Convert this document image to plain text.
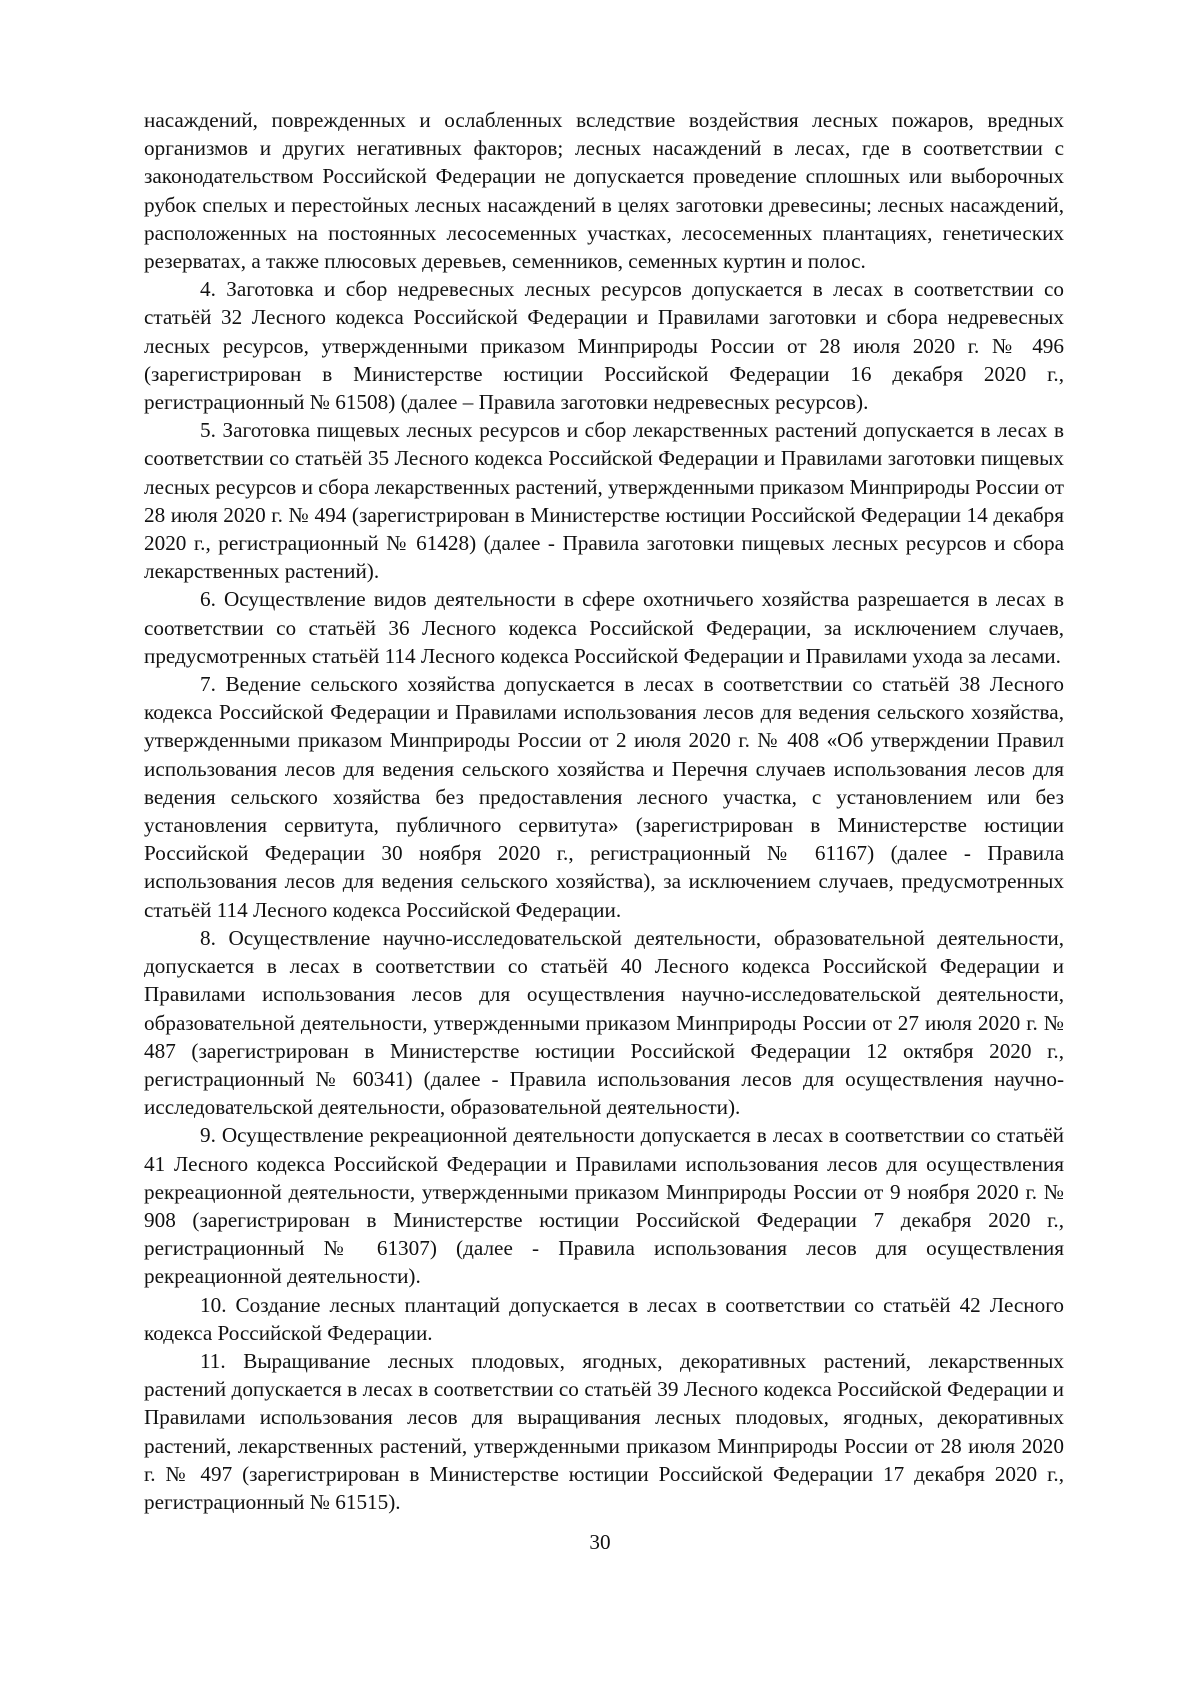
насаждений, поврежденных и ослабленных вследствие воздействия лесных пожаров, вредных организмов и других негативных факторов; лесных насаждений в лесах, где в соответствии с законодательством Российской Федерации не допускается проведение сплошных или выборочных рубок спелых и перестойных лесных насаждений в целях заготовки древесины; лесных насаждений, расположенных на постоянных лесосеменных участках, лесосеменных плантациях, генетических резерватах, а также плюсовых деревьев, семенников, семенных куртин и полос.

4. Заготовка и сбор недревесных лесных ресурсов допускается в лесах в соответствии со статьёй 32 Лесного кодекса Российской Федерации и Правилами заготовки и сбора недревесных лесных ресурсов, утвержденными приказом Минприроды России от 28 июля 2020 г. № 496 (зарегистрирован в Министерстве юстиции Российской Федерации 16 декабря 2020 г., регистрационный № 61508) (далее – Правила заготовки недревесных ресурсов).

5. Заготовка пищевых лесных ресурсов и сбор лекарственных растений допускается в лесах в соответствии со статьёй 35 Лесного кодекса Российской Федерации и Правилами заготовки пищевых лесных ресурсов и сбора лекарственных растений, утвержденными приказом Минприроды России от 28 июля 2020 г. № 494 (зарегистрирован в Министерстве юстиции Российской Федерации 14 декабря 2020 г., регистрационный № 61428) (далее - Правила заготовки пищевых лесных ресурсов и сбора лекарственных растений).

6. Осуществление видов деятельности в сфере охотничьего хозяйства разрешается в лесах в соответствии со статьёй 36 Лесного кодекса Российской Федерации, за исключением случаев, предусмотренных статьёй 114 Лесного кодекса Российской Федерации и Правилами ухода за лесами.

7. Ведение сельского хозяйства допускается в лесах в соответствии со статьёй 38 Лесного кодекса Российской Федерации и Правилами использования лесов для ведения сельского хозяйства, утвержденными приказом Минприроды России от 2 июля 2020 г. № 408 «Об утверждении Правил использования лесов для ведения сельского хозяйства и Перечня случаев использования лесов для ведения сельского хозяйства без предоставления лесного участка, с установлением или без установления сервитута, публичного сервитута» (зарегистрирован в Министерстве юстиции Российской Федерации 30 ноября 2020 г., регистрационный № 61167) (далее - Правила использования лесов для ведения сельского хозяйства), за исключением случаев, предусмотренных статьёй 114 Лесного кодекса Российской Федерации.

8. Осуществление научно-исследовательской деятельности, образовательной деятельности, допускается в лесах в соответствии со статьёй 40 Лесного кодекса Российской Федерации и Правилами использования лесов для осуществления научно-исследовательской деятельности, образовательной деятельности, утвержденными приказом Минприроды России от 27 июля 2020 г. № 487 (зарегистрирован в Министерстве юстиции Российской Федерации 12 октября 2020 г., регистрационный № 60341) (далее - Правила использования лесов для осуществления научно-исследовательской деятельности, образовательной деятельности).

9. Осуществление рекреационной деятельности допускается в лесах в соответствии со статьёй 41 Лесного кодекса Российской Федерации и Правилами использования лесов для осуществления рекреационной деятельности, утвержденными приказом Минприроды России от 9 ноября 2020 г. № 908 (зарегистрирован в Министерстве юстиции Российской Федерации 7 декабря 2020 г., регистрационный № 61307) (далее - Правила использования лесов для осуществления рекреационной деятельности).

10. Создание лесных плантаций допускается в лесах в соответствии со статьёй 42 Лесного кодекса Российской Федерации.

11. Выращивание лесных плодовых, ягодных, декоративных растений, лекарственных растений допускается в лесах в соответствии со статьёй 39 Лесного кодекса Российской Федерации и Правилами использования лесов для выращивания лесных плодовых, ягодных, декоративных растений, лекарственных растений, утвержденными приказом Минприроды России от 28 июля 2020 г. № 497 (зарегистрирован в Министерстве юстиции Российской Федерации 17 декабря 2020 г., регистрационный № 61515).

30
